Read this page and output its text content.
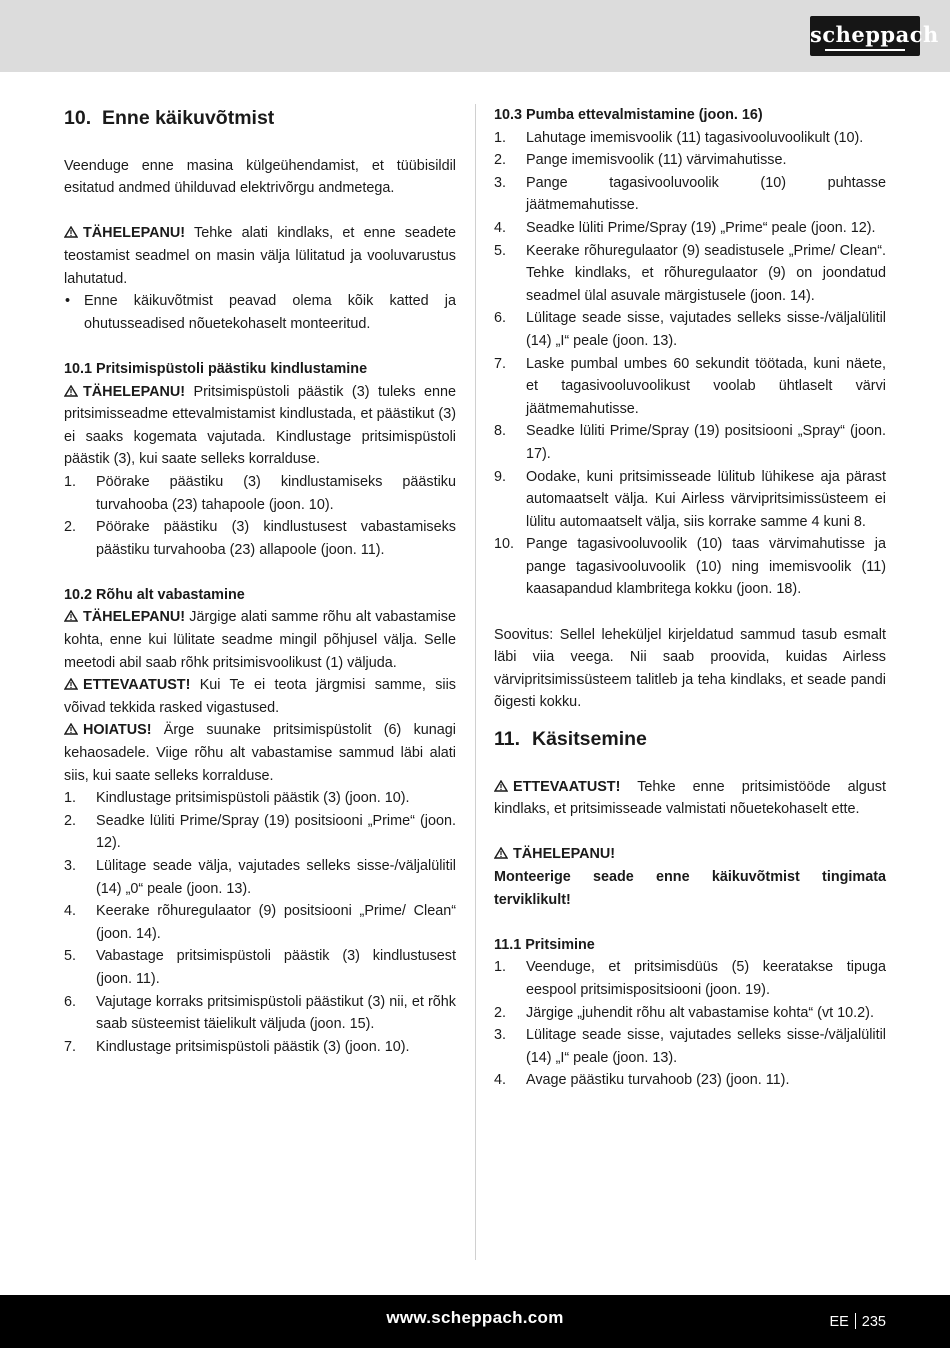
scheppach
10. Enne käikuvõtmist
Veenduge enne masina külgeühendamist, et tüübisildil esitatud andmed ühilduvad elektrivõrgu andmetega.
TÄHELEPANU! Tehke alati kindlaks, et enne seadete teostamist seadmel on masin välja lülitatud ja vooluvarustus lahutatud.
• Enne käikuvõtmist peavad olema kõik katted ja ohutusseadised nõuetekohaselt monteeritud.
10.1 Pritsimispüstoli päästiku kindlustamine
TÄHELEPANU! Pritsimispüstoli päästik (3) tuleks enne pritsimisseadme ettevalmistamist kindlustada, et päästikut (3) ei saaks kogemata vajutada. Kindlustage pritsimispüstoli päästik (3), kui saate selleks korralduse.
1. Pöörake päästiku (3) kindlustamiseks päästiku turvahooba (23) tahapoole (joon. 10).
2. Pöörake päästiku (3) kindlustusest vabastamiseks päästiku turvahooba (23) allapoole (joon. 11).
10.2 Rõhu alt vabastamine
TÄHELEPANU! Järgige alati samme rõhu alt vabastamise kohta, enne kui lülitate seadme mingil põhjusel välja. Selle meetodi abil saab rõhk pritsimisvoolikust (1) väljuda.
ETTEVAATUST! Kui Te ei teota järgmisi samme, siis võivad tekkida rasked vigastused.
HOIATUS! Ärge suunake pritsimispüstolit (6) kunagi kehaosadele. Viige rõhu alt vabastamise sammud läbi alati siis, kui saate selleks korralduse.
1. Kindlustage pritsimispüstoli päästik (3) (joon. 10).
2. Seadke lüliti Prime/Spray (19) positsiooni „Prime“ (joon. 12).
3. Lülitage seade välja, vajutades selleks sisse-/väljalülitil (14) „0“ peale (joon. 13).
4. Keerake rõhuregulaator (9) positsiooni „Prime/ Clean“ (joon. 14).
5. Vabastage pritsimispüstoli päästik (3) kindlustusest (joon. 11).
6. Vajutage korraks pritsimispüstoli päästikut (3) nii, et rõhk saab süsteemist täielikult väljuda (joon. 15).
7. Kindlustage pritsimispüstoli päästik (3) (joon. 10).
10.3 Pumba ettevalmistamine (joon. 16)
1. Lahutage imemisvoolik (11) tagasivooluvoolikult (10).
2. Pange imemisvoolik (11) värvimahutisse.
3. Pange tagasivooluvoolik (10) puhtasse jäätmemahutisse.
4. Seadke lüliti Prime/Spray (19) „Prime“ peale (joon. 12).
5. Keerake rõhuregulaator (9) seadistusele „Prime/ Clean“. Tehke kindlaks, et rõhuregulaator (9) on joondatud seadmel ülal asuvale märgistusele (joon. 14).
6. Lülitage seade sisse, vajutades selleks sisse-/väljalülitil (14) „I“ peale (joon. 13).
7. Laske pumbal umbes 60 sekundit töötada, kuni näete, et tagasivooluvoolikust voolab ühtlaselt värvi jäätmemahutisse.
8. Seadke lüliti Prime/Spray (19) positsiooni „Spray“ (joon. 17).
9. Oodake, kuni pritsimisseade lülitub lühikese aja pärast automaatselt välja. Kui Airless värvipritsimissüsteem ei lülitu automaatselt välja, siis korrake samme 4 kuni 8.
10. Pange tagasivooluvoolik (10) taas värvimahutisse ja pange tagasivooluvoolik (10) ning imemisvoolik (11) kaasapandud klambritega kokku (joon. 18).
Soovitus: Sellel leheküljel kirjeldatud sammud tasub esmalt läbi viia veega. Nii saab proovida, kuidas Airless värvipritsimissüsteem talitleb ja teha kindlaks, et seade pandi õigesti kokku.
11. Käsitsemine
ETTEVAATUST! Tehke enne pritsimistööde algust kindlaks, et pritsimisseade valmistati nõuetekohaselt ette.
TÄHELEPANU!
Monteerige seade enne käikuvõtmist tingimata terviklikult!
11.1 Pritsimine
1. Veenduge, et pritsimisdüüs (5) keeratakse tipuga eespool pritsimispositsiooni (joon. 19).
2. Järgige „juhendit rõhu alt vabastamise kohta“ (vt 10.2).
3. Lülitage seade sisse, vajutades selleks sisse-/väljalülitil (14) „I“ peale (joon. 13).
4. Avage päästiku turvahoob (23) (joon. 11).
www.scheppach.com	EE 235
